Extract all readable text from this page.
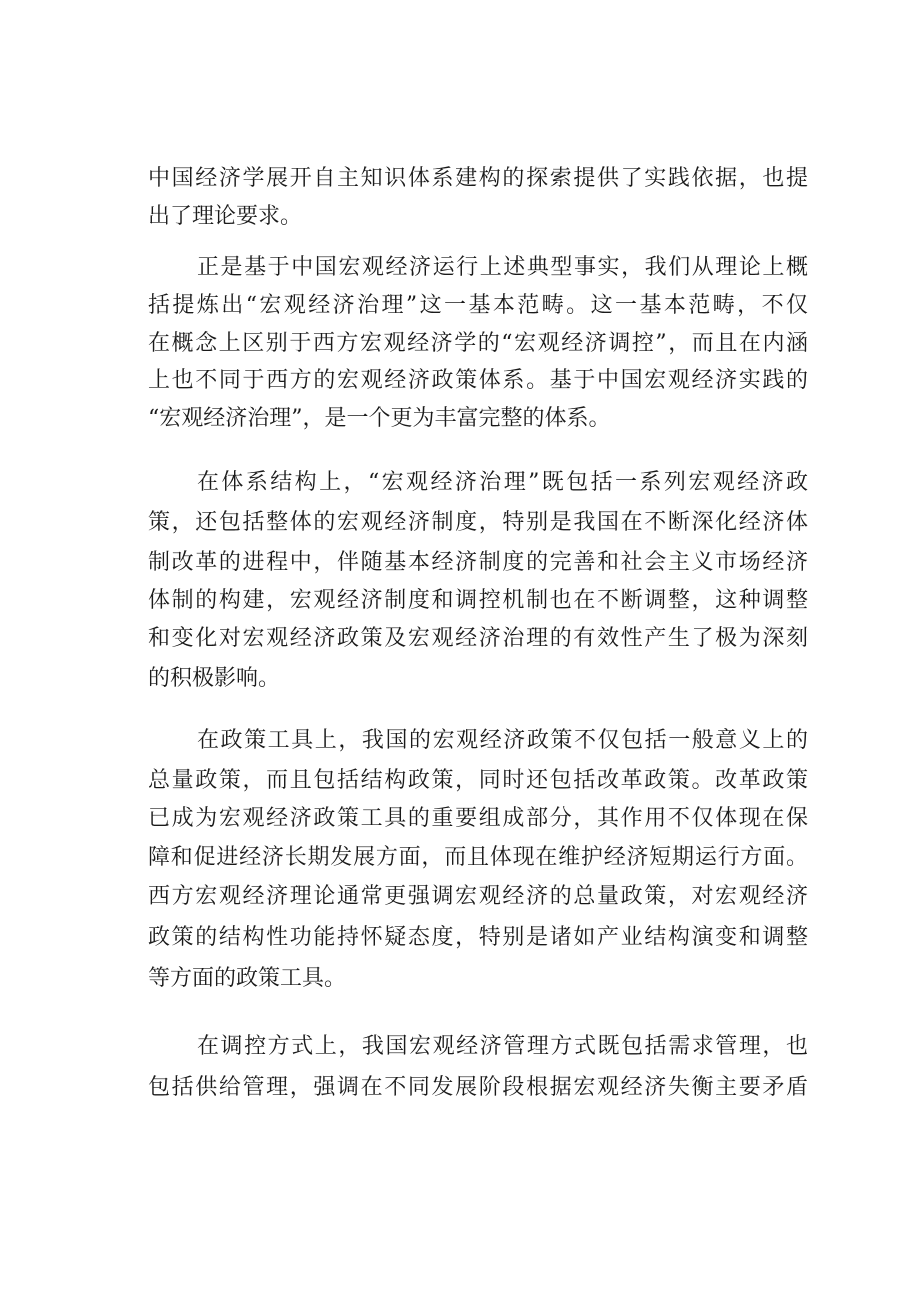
中国经济学展开自主知识体系建构的探索提供了实践依据，也提
出了理论要求。
正是基于中国宏观经济运行上述典型事实，我们从理论上概
括提炼出“宏观经济治理”这一基本范畴。这一基本范畴，不仅
在概念上区别于西方宏观经济学的“宏观经济调控”，而且在内涵
上也不同于西方的宏观经济政策体系。基于中国宏观经济实践的
“宏观经济治理”，是一个更为丰富完整的体系。
在体系结构上，“宏观经济治理”既包括一系列宏观经济政
策，还包括整体的宏观经济制度，特别是我国在不断深化经济体
制改革的进程中，伴随基本经济制度的完善和社会主义市场经济
体制的构建，宏观经济制度和调控机制也在不断调整，这种调整
和变化对宏观经济政策及宏观经济治理的有效性产生了极为深刻
的积极影响。
在政策工具上，我国的宏观经济政策不仅包括一般意义上的
总量政策，而且包括结构政策，同时还包括改革政策。改革政策
已成为宏观经济政策工具的重要组成部分，其作用不仅体现在保
障和促进经济长期发展方面，而且体现在维护经济短期运行方面。
西方宏观经济理论通常更强调宏观经济的总量政策，对宏观经济
政策的结构性功能持怀疑态度，特别是诸如产业结构演变和调整
等方面的政策工具。
在调控方式上，我国宏观经济管理方式既包括需求管理，也
包括供给管理，强调在不同发展阶段根据宏观经济失衡主要矛盾
